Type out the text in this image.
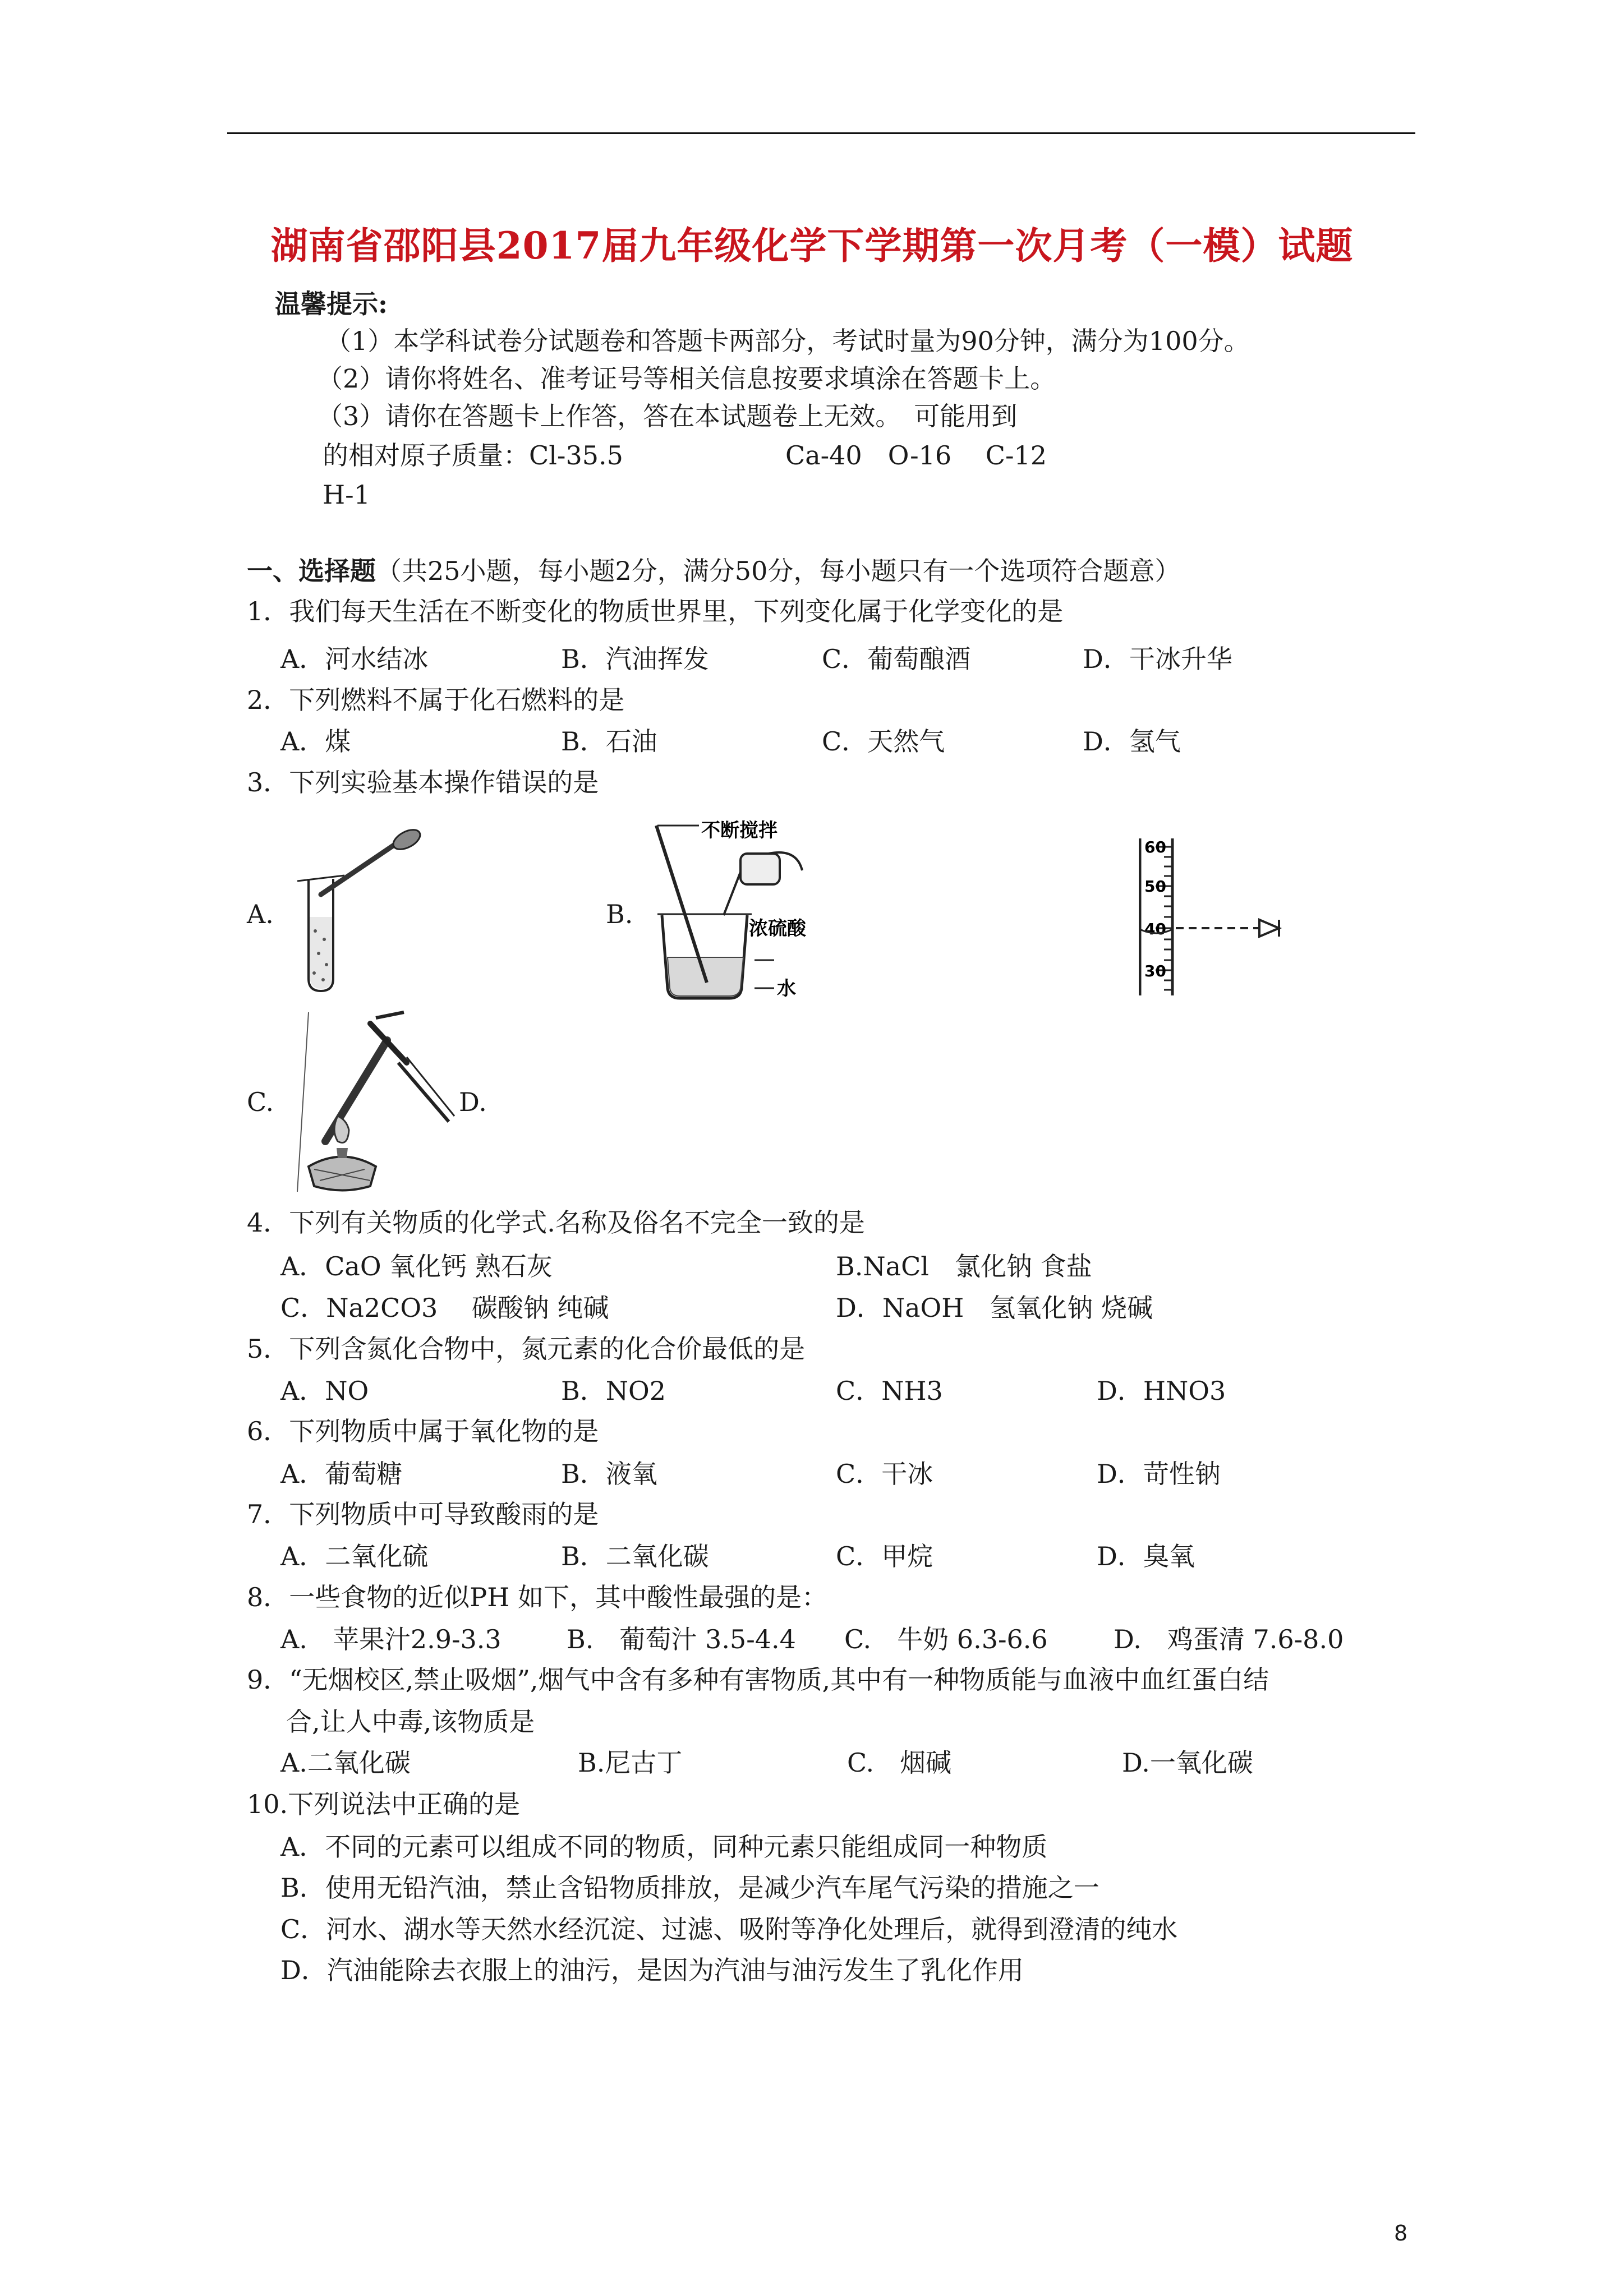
湖南省邵阳县2017届九年级化学下学期第一次月考（一模）试题
温馨提示:
（1）本学科试卷分试题卷和答题卡两部分，考试时量为90分钟，满分为100分。
（2）请你将姓名、准考证号等相关信息按要求填涂在答题卡上。
（3）请你在答题卡上作答，答在本试题卷上无效。　可能用到
的相对原子质量：Cl-35.5	Ca-40　O-16　 C-12
H-1
一、选择题（共25小题，每小题2分，满分50分，每小题只有一个选项符合题意）
1．我们每天生活在不断变化的物质世界里，下列变化属于化学变化的是
A．河水结冰	B．汽油挥发	C．葡萄酿酒	D．干冰升华
2．下列燃料不属于化石燃料的是
A．煤	B．石油	C．天然气	D．氢气
3．下列实验基本操作错误的是
A.	B.
C.	D.
不断搅拌
浓硫酸
水
60
50
40
30
4．下列有关物质的化学式.名称及俗名不完全一致的是
A．CaO 氧化钙 熟石灰	B.NaCl　氯化钠 食盐
C．Na2CO3　 碳酸钠 纯碱	D．NaOH　氢氧化钠 烧碱
5．下列含氮化合物中，氮元素的化合价最低的是
A．NO	B．NO2	C．NH3	D．HNO3
6．下列物质中属于氧化物的是
A．葡萄糖	B．液氧	C．干冰	D．苛性钠
7．下列物质中可导致酸雨的是
A．二氧化硫	B．二氧化碳	C．甲烷	D．臭氧
8．一些食物的近似PH 如下，其中酸性最强的是：
A.　苹果汁2.9-3.3	B.　葡萄汁 3.5-4.4 C.　牛奶 6.3-6.6	D.　鸡蛋清 7.6-8.0
9．“无烟校区,禁止吸烟”,烟气中含有多种有害物质,其中有一种物质能与血液中血红蛋白结
合,让人中毒,该物质是
A.二氧化碳	B.尼古丁	C.　烟碱	D.一氧化碳
10.下列说法中正确的是
A．不同的元素可以组成不同的物质，同种元素只能组成同一种物质
B．使用无铅汽油，禁止含铅物质排放，是减少汽车尾气污染的措施之一
C．河水、湖水等天然水经沉淀、过滤、吸附等净化处理后，就得到澄清的纯水
D．汽油能除去衣服上的油污，是因为汽油与油污发生了乳化作用
8
